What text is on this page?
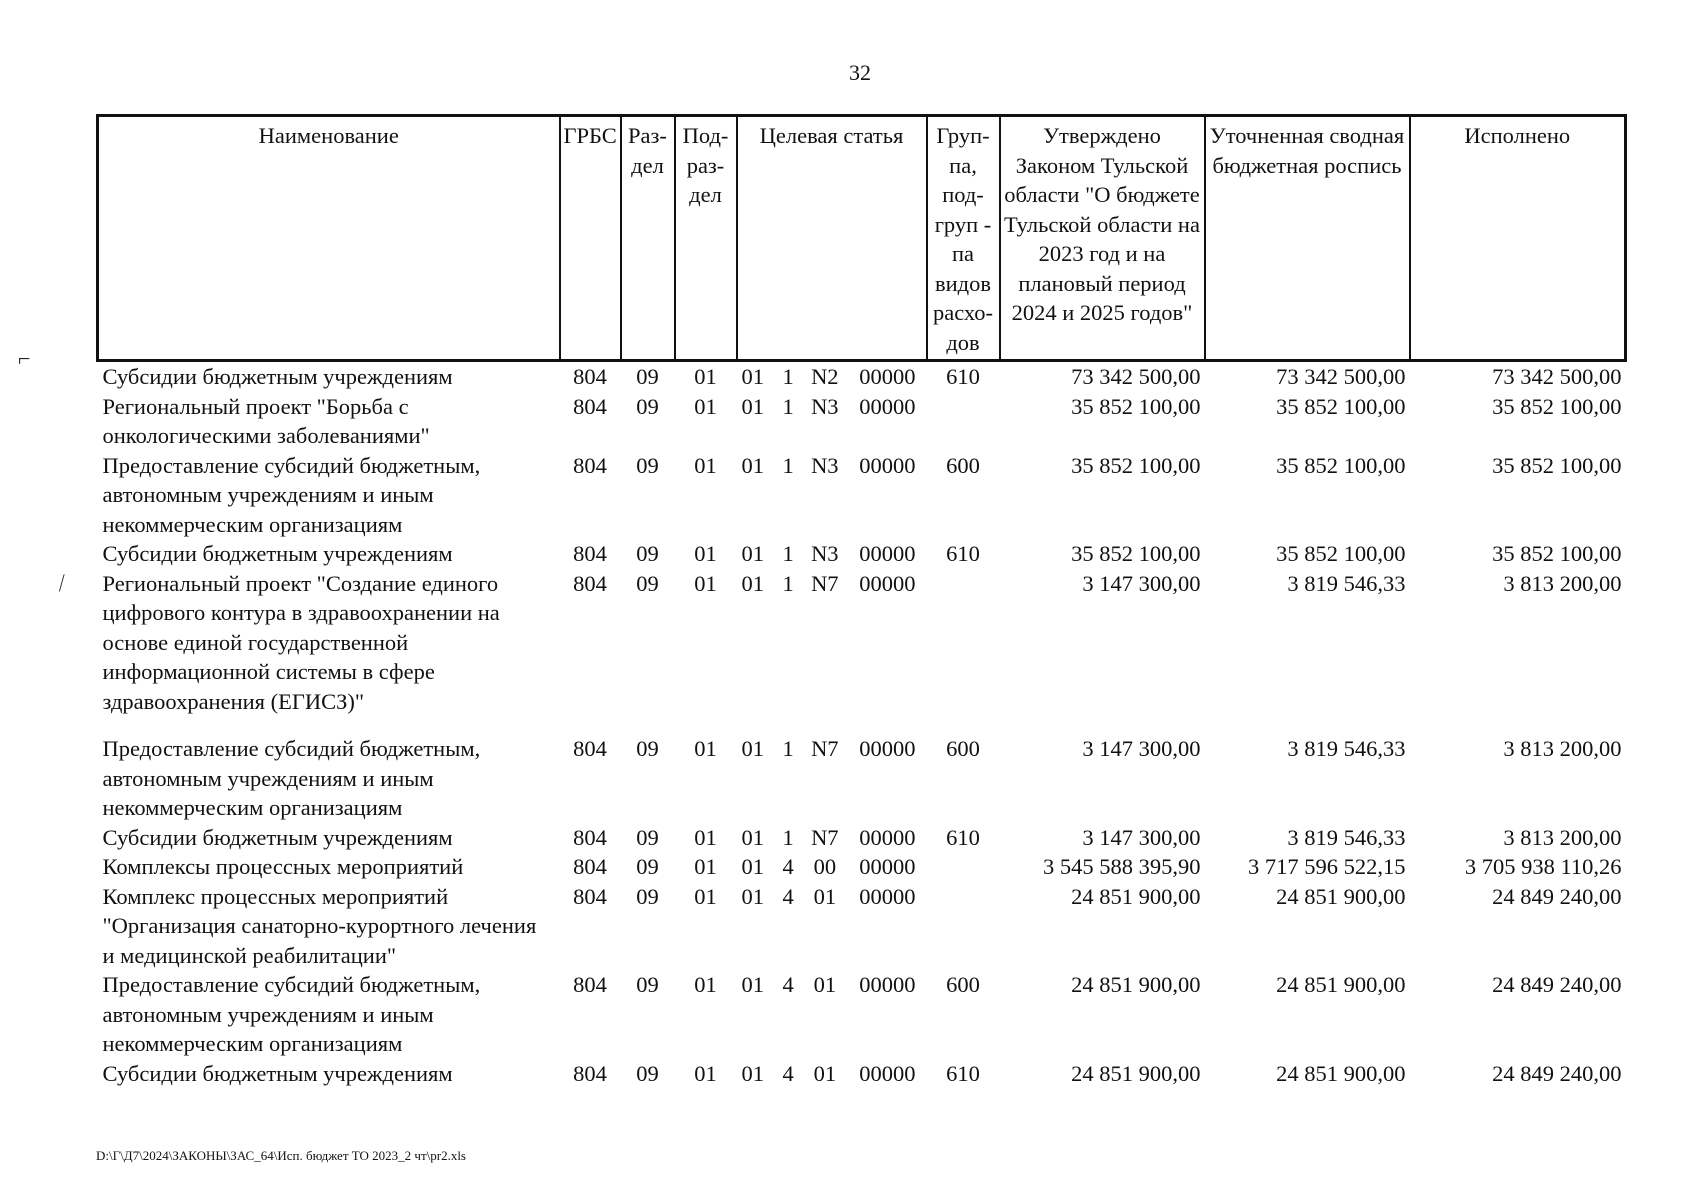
32
⌐
⁄
Наименование	ГРБС	Раз- дел	Под- раз- дел	Целевая статья	Груп- па, под- груп - па видов расхо- дов	Утверждено Законом Тульской области "О бюджете Тульской области на 2023 год и на плановый период 2024 и 2025 годов"	Уточненная сводная бюджетная роспись	Исполнено
Субсидии бюджетным учреждениям	804	09	01	01 1 N2 00000	610	73 342 500,00	73 342 500,00	73 342 500,00
Региональный проект "Борьба с онкологическими заболеваниями"	804	09	01	01 1 N3 00000		35 852 100,00	35 852 100,00	35 852 100,00
Предоставление субсидий бюджетным, автономным учреждениям и иным некоммерческим организациям	804	09	01	01 1 N3 00000	600	35 852 100,00	35 852 100,00	35 852 100,00
Субсидии бюджетным учреждениям	804	09	01	01 1 N3 00000	610	35 852 100,00	35 852 100,00	35 852 100,00
Региональный проект "Создание единого цифрового контура в здравоохранении на основе единой государственной информационной системы в сфере здравоохранения (ЕГИСЗ)"	804	09	01	01 1 N7 00000		3 147 300,00	3 819 546,33	3 813 200,00

Предоставление субсидий бюджетным, автономным учреждениям и иным некоммерческим организациям	804	09	01	01 1 N7 00000	600	3 147 300,00	3 819 546,33	3 813 200,00
Субсидии бюджетным учреждениям	804	09	01	01 1 N7 00000	610	3 147 300,00	3 819 546,33	3 813 200,00
Комплексы процессных мероприятий	804	09	01	01 4 00 00000		3 545 588 395,90	3 717 596 522,15	3 705 938 110,26
Комплекс процессных мероприятий "Организация санаторно-курортного лечения и медицинской реабилитации"	804	09	01	01 4 01 00000		24 851 900,00	24 851 900,00	24 849 240,00
Предоставление субсидий бюджетным, автономным учреждениям и иным некоммерческим организациям	804	09	01	01 4 01 00000	600	24 851 900,00	24 851 900,00	24 849 240,00
Субсидии бюджетным учреждениям	804	09	01	01 4 01 00000	610	24 851 900,00	24 851 900,00	24 849 240,00
D:\Г\Д7\2024\ЗАКОНЫ\ЗАС_64\Исп. бюджет ТО 2023_2 чт\pr2.xls
